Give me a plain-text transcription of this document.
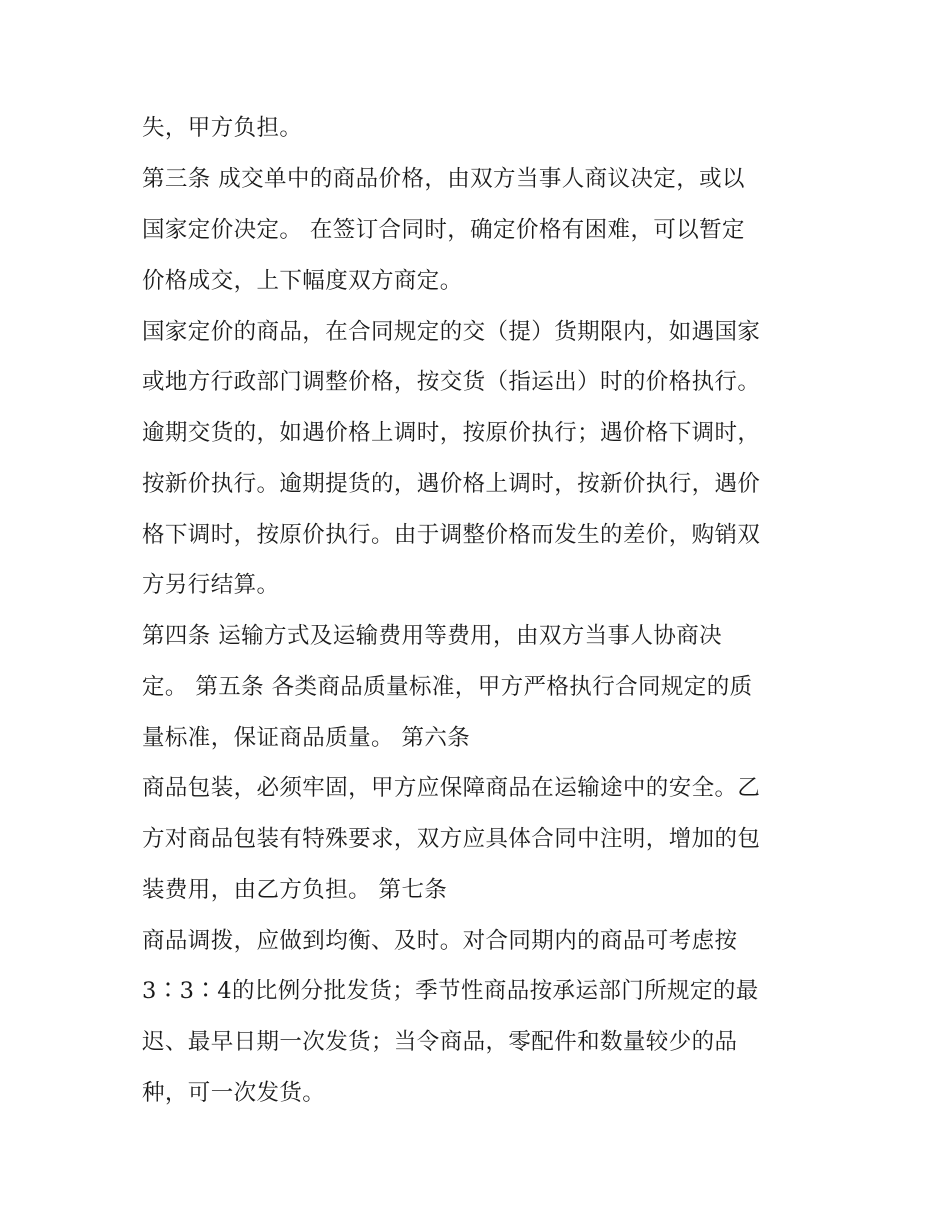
失，甲方负担。
第三条 成交单中的商品价格，由双方当事人商议决定，或以
国家定价决定。 在签订合同时，确定价格有困难，可以暂定
价格成交，上下幅度双方商定。
国家定价的商品，在合同规定的交（提）货期限内，如遇国家
或地方行政部门调整价格，按交货（指运出）时的价格执行。
逾期交货的，如遇价格上调时，按原价执行；遇价格下调时，
按新价执行。逾期提货的，遇价格上调时，按新价执行，遇价
格下调时，按原价执行。由于调整价格而发生的差价，购销双
方另行结算。
第四条 运输方式及运输费用等费用，由双方当事人协商决
定。 第五条 各类商品质量标准，甲方严格执行合同规定的质
量标准，保证商品质量。 第六条
商品包装，必须牢固，甲方应保障商品在运输途中的安全。乙
方对商品包装有特殊要求，双方应具体合同中注明，增加的包
装费用，由乙方负担。 第七条
商品调拨，应做到均衡、及时。对合同期内的商品可考虑按
3∶3∶4的比例分批发货；季节性商品按承运部门所规定的最
迟、最早日期一次发货；当令商品，零配件和数量较少的品
种，可一次发货。
